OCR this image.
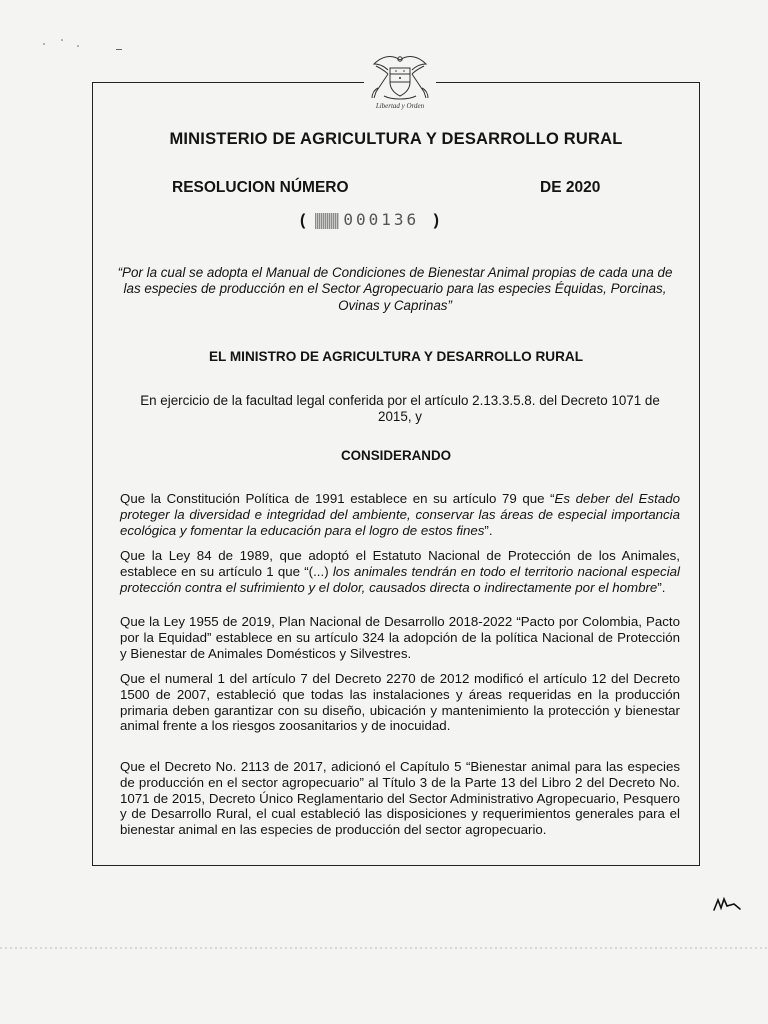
Libertad y Orden
MINISTERIO DE AGRICULTURA Y DESARROLLO RURAL
RESOLUCION NÚMERO	DE 2020
( 000136 )
“Por la cual se adopta el Manual de Condiciones de Bienestar Animal propias de cada una de las especies de producción en el Sector Agropecuario para las especies Équidas, Porcinas, Ovinas y Caprinas”
EL MINISTRO DE AGRICULTURA Y DESARROLLO RURAL
En ejercicio de la facultad legal conferida por el artículo 2.13.3.5.8. del Decreto 1071 de 2015, y
CONSIDERANDO

Que la Constitución Política de 1991 establece en su artículo 79 que “Es deber del Estado proteger la diversidad e integridad del ambiente, conservar las áreas de especial importancia ecológica y fomentar la educación para el logro de estos fines”.

Que la Ley 84 de 1989, que adoptó el Estatuto Nacional de Protección de los Animales, establece en su artículo 1 que “(...) los animales tendrán en todo el territorio nacional especial protección contra el sufrimiento y el dolor, causados directa o indirectamente por el hombre”.

Que la Ley 1955 de 2019, Plan Nacional de Desarrollo 2018-2022 “Pacto por Colombia, Pacto por la Equidad” establece en su artículo 324 la adopción de la política Nacional de Protección y Bienestar de Animales Domésticos y Silvestres.

Que el numeral 1 del artículo 7 del Decreto 2270 de 2012 modificó el artículo 12 del Decreto 1500 de 2007, estableció que todas las instalaciones y áreas requeridas en la producción primaria deben garantizar con su diseño, ubicación y mantenimiento la protección y bienestar animal frente a los riesgos zoosanitarios y de inocuidad.

Que el Decreto No. 2113 de 2017, adicionó el Capítulo 5 “Bienestar animal para las especies de producción en el sector agropecuario” al Título 3 de la Parte 13 del Libro 2 del Decreto No. 1071 de 2015, Decreto Único Reglamentario del Sector Administrativo Agropecuario, Pesquero y de Desarrollo Rural, el cual estableció las disposiciones y requerimientos generales para el bienestar animal en las especies de producción del sector agropecuario.
